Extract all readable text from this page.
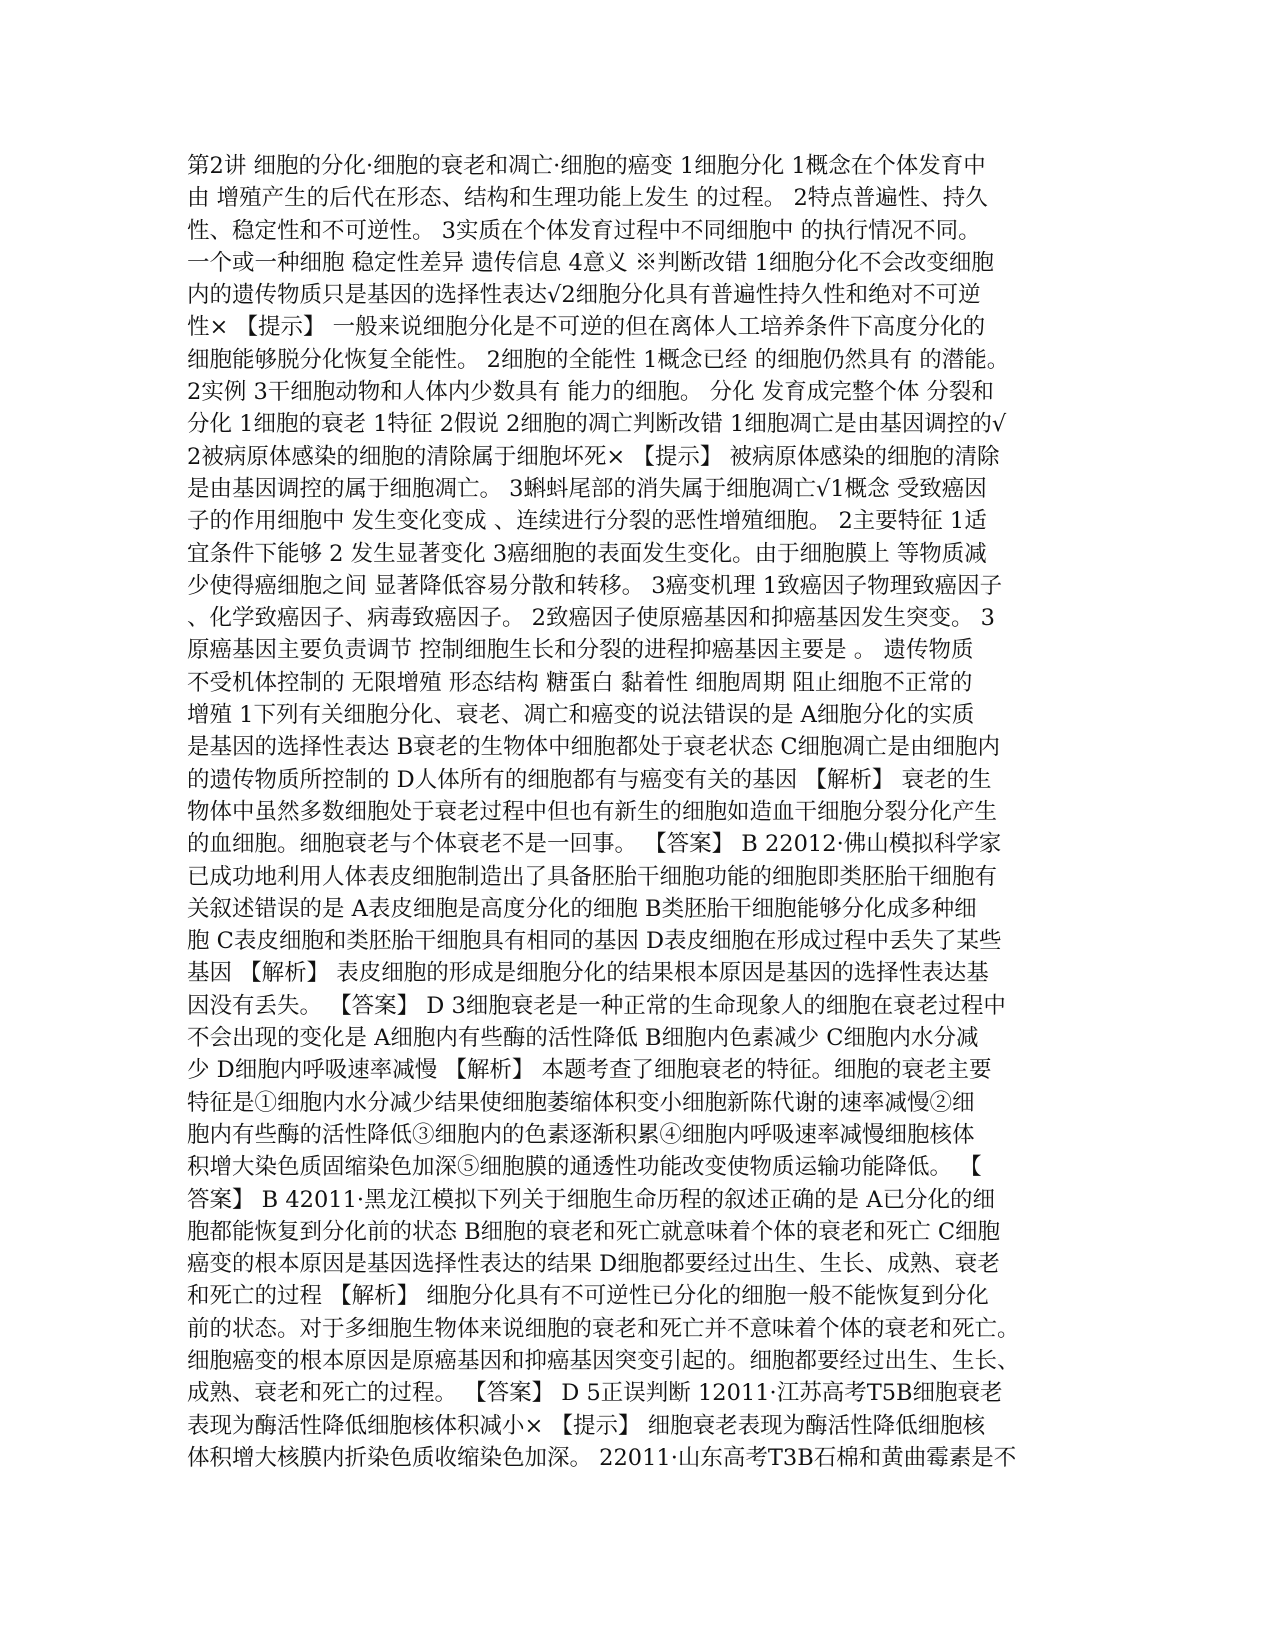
第2讲 细胞的分化·细胞的衰老和凋亡·细胞的癌变 1细胞分化 1概念在个体发育中
由 增殖产生的后代在形态、结构和生理功能上发生 的过程。 2特点普遍性、持久
性、稳定性和不可逆性。 3实质在个体发育过程中不同细胞中 的执行情况不同。
一个或一种细胞 稳定性差异 遗传信息 4意义 ※判断改错 1细胞分化不会改变细胞
内的遗传物质只是基因的选择性表达√2细胞分化具有普遍性持久性和绝对不可逆
性× 【提示】 一般来说细胞分化是不可逆的但在离体人工培养条件下高度分化的
细胞能够脱分化恢复全能性。 2细胞的全能性 1概念已经 的细胞仍然具有 的潜能。
2实例 3干细胞动物和人体内少数具有 能力的细胞。 分化 发育成完整个体 分裂和
分化 1细胞的衰老 1特征 2假说 2细胞的凋亡判断改错 1细胞凋亡是由基因调控的√
2被病原体感染的细胞的清除属于细胞坏死× 【提示】 被病原体感染的细胞的清除
是由基因调控的属于细胞凋亡。 3蝌蚪尾部的消失属于细胞凋亡√1概念 受致癌因
子的作用细胞中 发生变化变成 、连续进行分裂的恶性增殖细胞。 2主要特征 1适
宜条件下能够 2 发生显著变化 3癌细胞的表面发生变化。由于细胞膜上 等物质减
少使得癌细胞之间 显著降低容易分散和转移。 3癌变机理 1致癌因子物理致癌因子
、化学致癌因子、病毒致癌因子。 2致癌因子使原癌基因和抑癌基因发生突变。 3
原癌基因主要负责调节 控制细胞生长和分裂的进程抑癌基因主要是 。 遗传物质
不受机体控制的 无限增殖 形态结构 糖蛋白 黏着性 细胞周期 阻止细胞不正常的
增殖 1下列有关细胞分化、衰老、凋亡和癌变的说法错误的是 A细胞分化的实质
是基因的选择性表达 B衰老的生物体中细胞都处于衰老状态 C细胞凋亡是由细胞内
的遗传物质所控制的 D人体所有的细胞都有与癌变有关的基因 【解析】 衰老的生
物体中虽然多数细胞处于衰老过程中但也有新生的细胞如造血干细胞分裂分化产生
的血细胞。细胞衰老与个体衰老不是一回事。 【答案】 B 22012·佛山模拟科学家
已成功地利用人体表皮细胞制造出了具备胚胎干细胞功能的细胞即类胚胎干细胞有
关叙述错误的是 A表皮细胞是高度分化的细胞 B类胚胎干细胞能够分化成多种细
胞 C表皮细胞和类胚胎干细胞具有相同的基因 D表皮细胞在形成过程中丢失了某些
基因 【解析】 表皮细胞的形成是细胞分化的结果根本原因是基因的选择性表达基
因没有丢失。 【答案】 D 3细胞衰老是一种正常的生命现象人的细胞在衰老过程中
不会出现的变化是 A细胞内有些酶的活性降低 B细胞内色素减少 C细胞内水分减
少 D细胞内呼吸速率减慢 【解析】 本题考查了细胞衰老的特征。细胞的衰老主要
特征是①细胞内水分减少结果使细胞萎缩体积变小细胞新陈代谢的速率减慢②细
胞内有些酶的活性降低③细胞内的色素逐渐积累④细胞内呼吸速率减慢细胞核体
积增大染色质固缩染色加深⑤细胞膜的通透性功能改变使物质运输功能降低。 【
答案】 B 42011·黑龙江模拟下列关于细胞生命历程的叙述正确的是 A已分化的细
胞都能恢复到分化前的状态 B细胞的衰老和死亡就意味着个体的衰老和死亡 C细胞
癌变的根本原因是基因选择性表达的结果 D细胞都要经过出生、生长、成熟、衰老
和死亡的过程 【解析】 细胞分化具有不可逆性已分化的细胞一般不能恢复到分化
前的状态。对于多细胞生物体来说细胞的衰老和死亡并不意味着个体的衰老和死亡。
细胞癌变的根本原因是原癌基因和抑癌基因突变引起的。细胞都要经过出生、生长、
成熟、衰老和死亡的过程。 【答案】 D 5正误判断 12011·江苏高考T5B细胞衰老
表现为酶活性降低细胞核体积减小× 【提示】 细胞衰老表现为酶活性降低细胞核
体积增大核膜内折染色质收缩染色加深。 22011·山东高考T3B石棉和黄曲霉素是不
